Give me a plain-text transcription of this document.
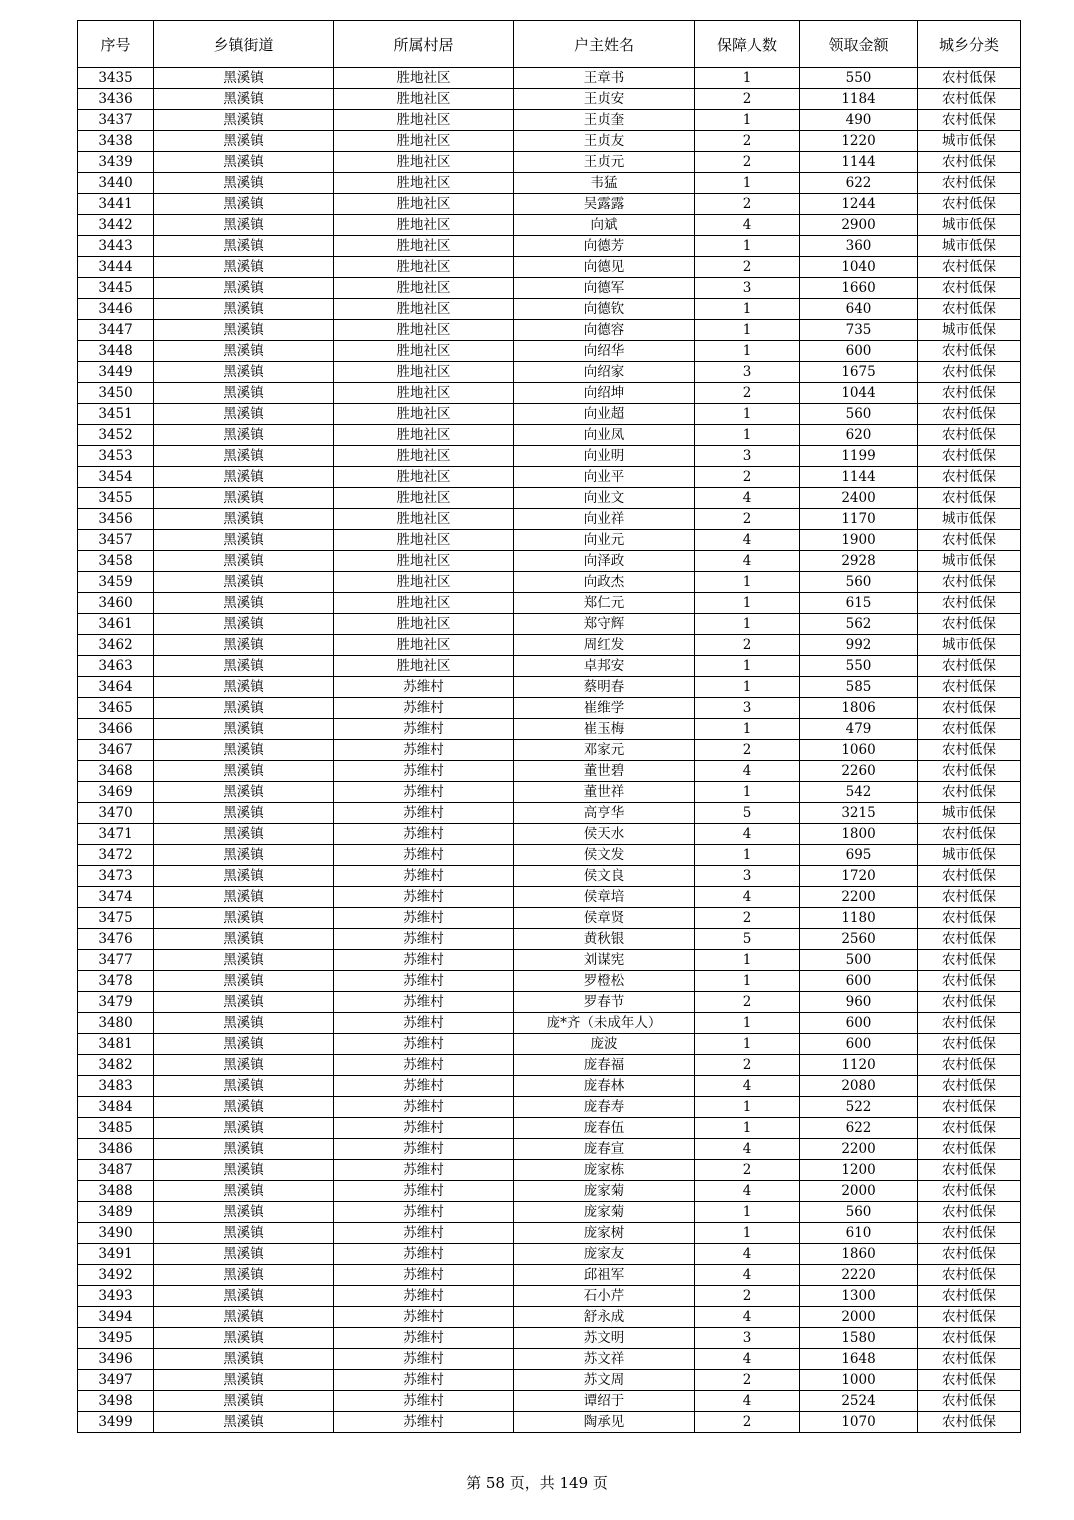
序号	乡镇街道	所属村居	户主姓名	保障人数	领取金额	城乡分类
3435	黑溪镇	胜地社区	王章书	1	550	农村低保
3436	黑溪镇	胜地社区	王贞安	2	1184	农村低保
3437	黑溪镇	胜地社区	王贞奎	1	490	农村低保
3438	黑溪镇	胜地社区	王贞友	2	1220	城市低保
3439	黑溪镇	胜地社区	王贞元	2	1144	农村低保
3440	黑溪镇	胜地社区	韦猛	1	622	农村低保
3441	黑溪镇	胜地社区	吴露露	2	1244	农村低保
3442	黑溪镇	胜地社区	向斌	4	2900	城市低保
3443	黑溪镇	胜地社区	向德芳	1	360	城市低保
3444	黑溪镇	胜地社区	向德见	2	1040	农村低保
3445	黑溪镇	胜地社区	向德军	3	1660	农村低保
3446	黑溪镇	胜地社区	向德钦	1	640	农村低保
3447	黑溪镇	胜地社区	向德容	1	735	城市低保
3448	黑溪镇	胜地社区	向绍华	1	600	农村低保
3449	黑溪镇	胜地社区	向绍家	3	1675	农村低保
3450	黑溪镇	胜地社区	向绍坤	2	1044	农村低保
3451	黑溪镇	胜地社区	向业超	1	560	农村低保
3452	黑溪镇	胜地社区	向业凤	1	620	农村低保
3453	黑溪镇	胜地社区	向业明	3	1199	农村低保
3454	黑溪镇	胜地社区	向业平	2	1144	农村低保
3455	黑溪镇	胜地社区	向业文	4	2400	农村低保
3456	黑溪镇	胜地社区	向业祥	2	1170	城市低保
3457	黑溪镇	胜地社区	向业元	4	1900	农村低保
3458	黑溪镇	胜地社区	向泽政	4	2928	城市低保
3459	黑溪镇	胜地社区	向政杰	1	560	农村低保
3460	黑溪镇	胜地社区	郑仁元	1	615	农村低保
3461	黑溪镇	胜地社区	郑守辉	1	562	农村低保
3462	黑溪镇	胜地社区	周红发	2	992	城市低保
3463	黑溪镇	胜地社区	卓邦安	1	550	农村低保
3464	黑溪镇	苏维村	蔡明春	1	585	农村低保
3465	黑溪镇	苏维村	崔维学	3	1806	农村低保
3466	黑溪镇	苏维村	崔玉梅	1	479	农村低保
3467	黑溪镇	苏维村	邓家元	2	1060	农村低保
3468	黑溪镇	苏维村	董世碧	4	2260	农村低保
3469	黑溪镇	苏维村	董世祥	1	542	农村低保
3470	黑溪镇	苏维村	高亨华	5	3215	城市低保
3471	黑溪镇	苏维村	侯天水	4	1800	农村低保
3472	黑溪镇	苏维村	侯文发	1	695	城市低保
3473	黑溪镇	苏维村	侯文良	3	1720	农村低保
3474	黑溪镇	苏维村	侯章培	4	2200	农村低保
3475	黑溪镇	苏维村	侯章贤	2	1180	农村低保
3476	黑溪镇	苏维村	黄秋银	5	2560	农村低保
3477	黑溪镇	苏维村	刘谋宪	1	500	农村低保
3478	黑溪镇	苏维村	罗橙松	1	600	农村低保
3479	黑溪镇	苏维村	罗春节	2	960	农村低保
3480	黑溪镇	苏维村	庞*齐（未成年人）	1	600	农村低保
3481	黑溪镇	苏维村	庞波	1	600	农村低保
3482	黑溪镇	苏维村	庞春福	2	1120	农村低保
3483	黑溪镇	苏维村	庞春林	4	2080	农村低保
3484	黑溪镇	苏维村	庞春寿	1	522	农村低保
3485	黑溪镇	苏维村	庞春伍	1	622	农村低保
3486	黑溪镇	苏维村	庞春宣	4	2200	农村低保
3487	黑溪镇	苏维村	庞家栋	2	1200	农村低保
3488	黑溪镇	苏维村	庞家菊	4	2000	农村低保
3489	黑溪镇	苏维村	庞家菊	1	560	农村低保
3490	黑溪镇	苏维村	庞家树	1	610	农村低保
3491	黑溪镇	苏维村	庞家友	4	1860	农村低保
3492	黑溪镇	苏维村	邱祖军	4	2220	农村低保
3493	黑溪镇	苏维村	石小芹	2	1300	农村低保
3494	黑溪镇	苏维村	舒永成	4	2000	农村低保
3495	黑溪镇	苏维村	苏文明	3	1580	农村低保
3496	黑溪镇	苏维村	苏文祥	4	1648	农村低保
3497	黑溪镇	苏维村	苏文周	2	1000	农村低保
3498	黑溪镇	苏维村	谭绍于	4	2524	农村低保
3499	黑溪镇	苏维村	陶承见	2	1070	农村低保
第 58 页，共 149 页
